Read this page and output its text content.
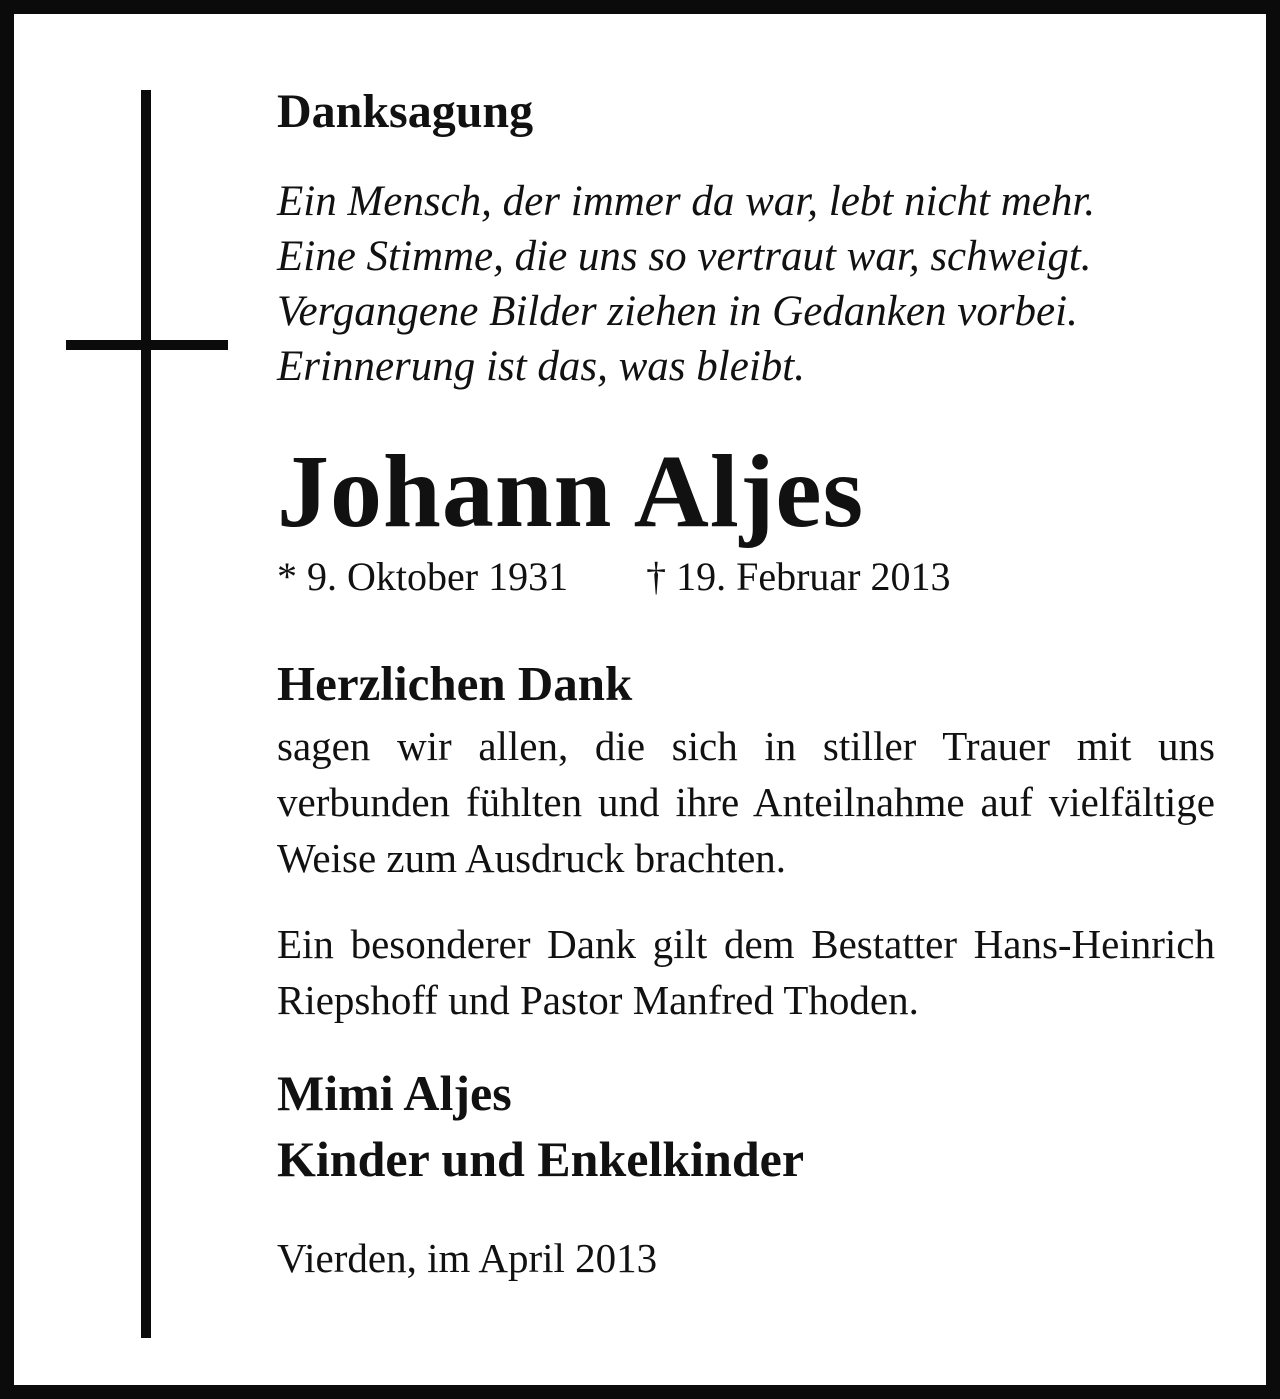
Danksagung
Ein Mensch, der immer da war, lebt nicht mehr.
Eine Stimme, die uns so vertraut war, schweigt.
Vergangene Bilder ziehen in Gedanken vorbei.
Erinnerung ist das, was bleibt.
Johann Aljes

* 9. Oktober 1931 † 19. Februar 2013

Herzlichen Dank

sagen wir allen, die sich in stiller Trauer mit uns verbunden fühlten und ihre Anteilnahme auf vielfältige Weise zum Ausdruck brachten.

Ein besonderer Dank gilt dem Bestatter Hans-Heinrich Riepshoff und Pastor Manfred Thoden.

Mimi Aljes
Kinder und Enkelkinder

Vierden, im April 2013
